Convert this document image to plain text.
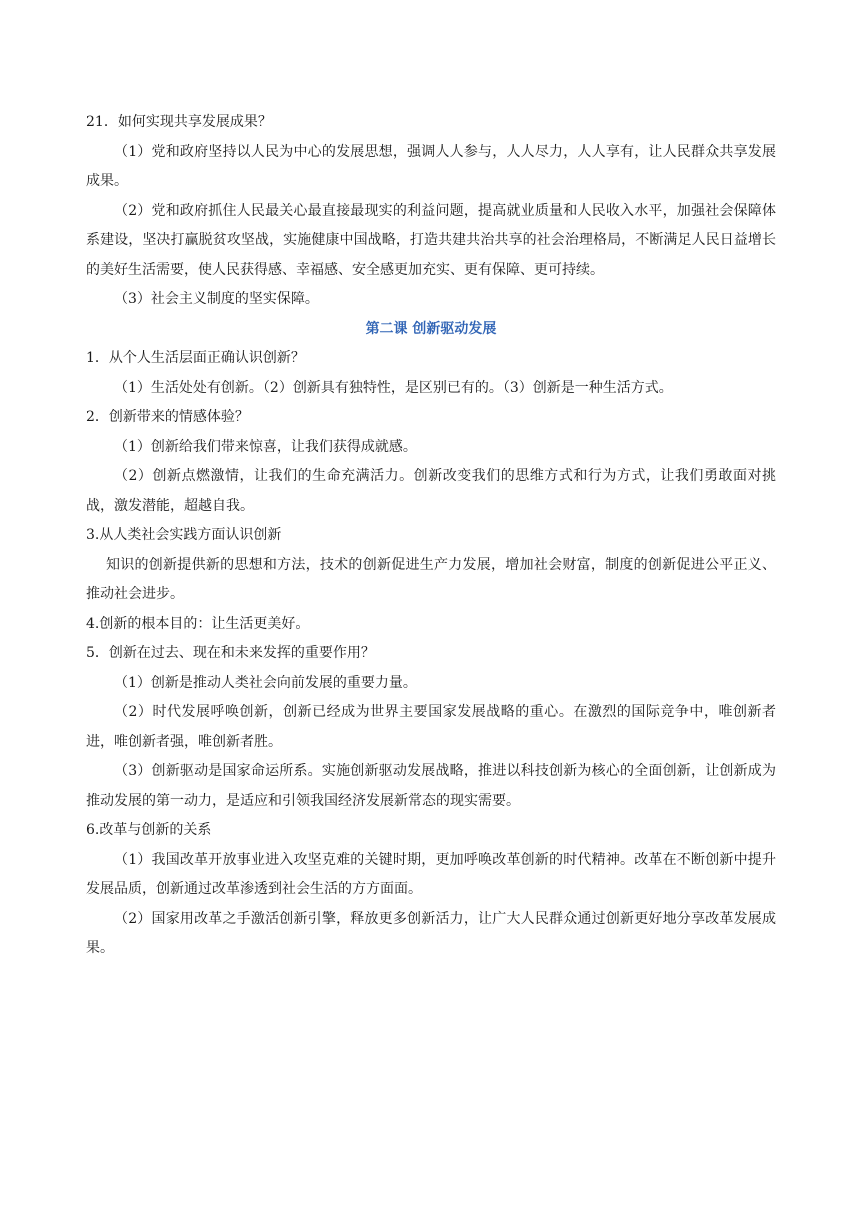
21．如何实现共享发展成果？

（1）党和政府坚持以人民为中心的发展思想，强调人人参与，人人尽力，人人享有，让人民群众共享发展成果。

（2）党和政府抓住人民最关心最直接最现实的利益问题，提高就业质量和人民收入水平，加强社会保障体系建设，坚决打赢脱贫攻坚战，实施健康中国战略，打造共建共治共享的社会治理格局，不断满足人民日益增长的美好生活需要，使人民获得感、幸福感、安全感更加充实、更有保障、更可持续。

（3）社会主义制度的坚实保障。

第二课 创新驱动发展

1．从个人生活层面正确认识创新？

（1）生活处处有创新。（2）创新具有独特性，是区别已有的。（3）创新是一种生活方式。

2．创新带来的情感体验？

（1）创新给我们带来惊喜，让我们获得成就感。

（2）创新点燃激情，让我们的生命充满活力。创新改变我们的思维方式和行为方式，让我们勇敢面对挑战，激发潜能，超越自我。

3.从人类社会实践方面认识创新

知识的创新提供新的思想和方法，技术的创新促进生产力发展，增加社会财富，制度的创新促进公平正义、推动社会进步。

4.创新的根本目的：让生活更美好。

5．创新在过去、现在和未来发挥的重要作用？

（1）创新是推动人类社会向前发展的重要力量。

（2）时代发展呼唤创新，创新已经成为世界主要国家发展战略的重心。在激烈的国际竞争中，唯创新者进，唯创新者强，唯创新者胜。

（3）创新驱动是国家命运所系。实施创新驱动发展战略，推进以科技创新为核心的全面创新，让创新成为推动发展的第一动力，是适应和引领我国经济发展新常态的现实需要。

6.改革与创新的关系

（1）我国改革开放事业进入攻坚克难的关键时期，更加呼唤改革创新的时代精神。改革在不断创新中提升发展品质，创新通过改革渗透到社会生活的方方面面。

（2）国家用改革之手激活创新引擎，释放更多创新活力，让广大人民群众通过创新更好地分享改革发展成果。
